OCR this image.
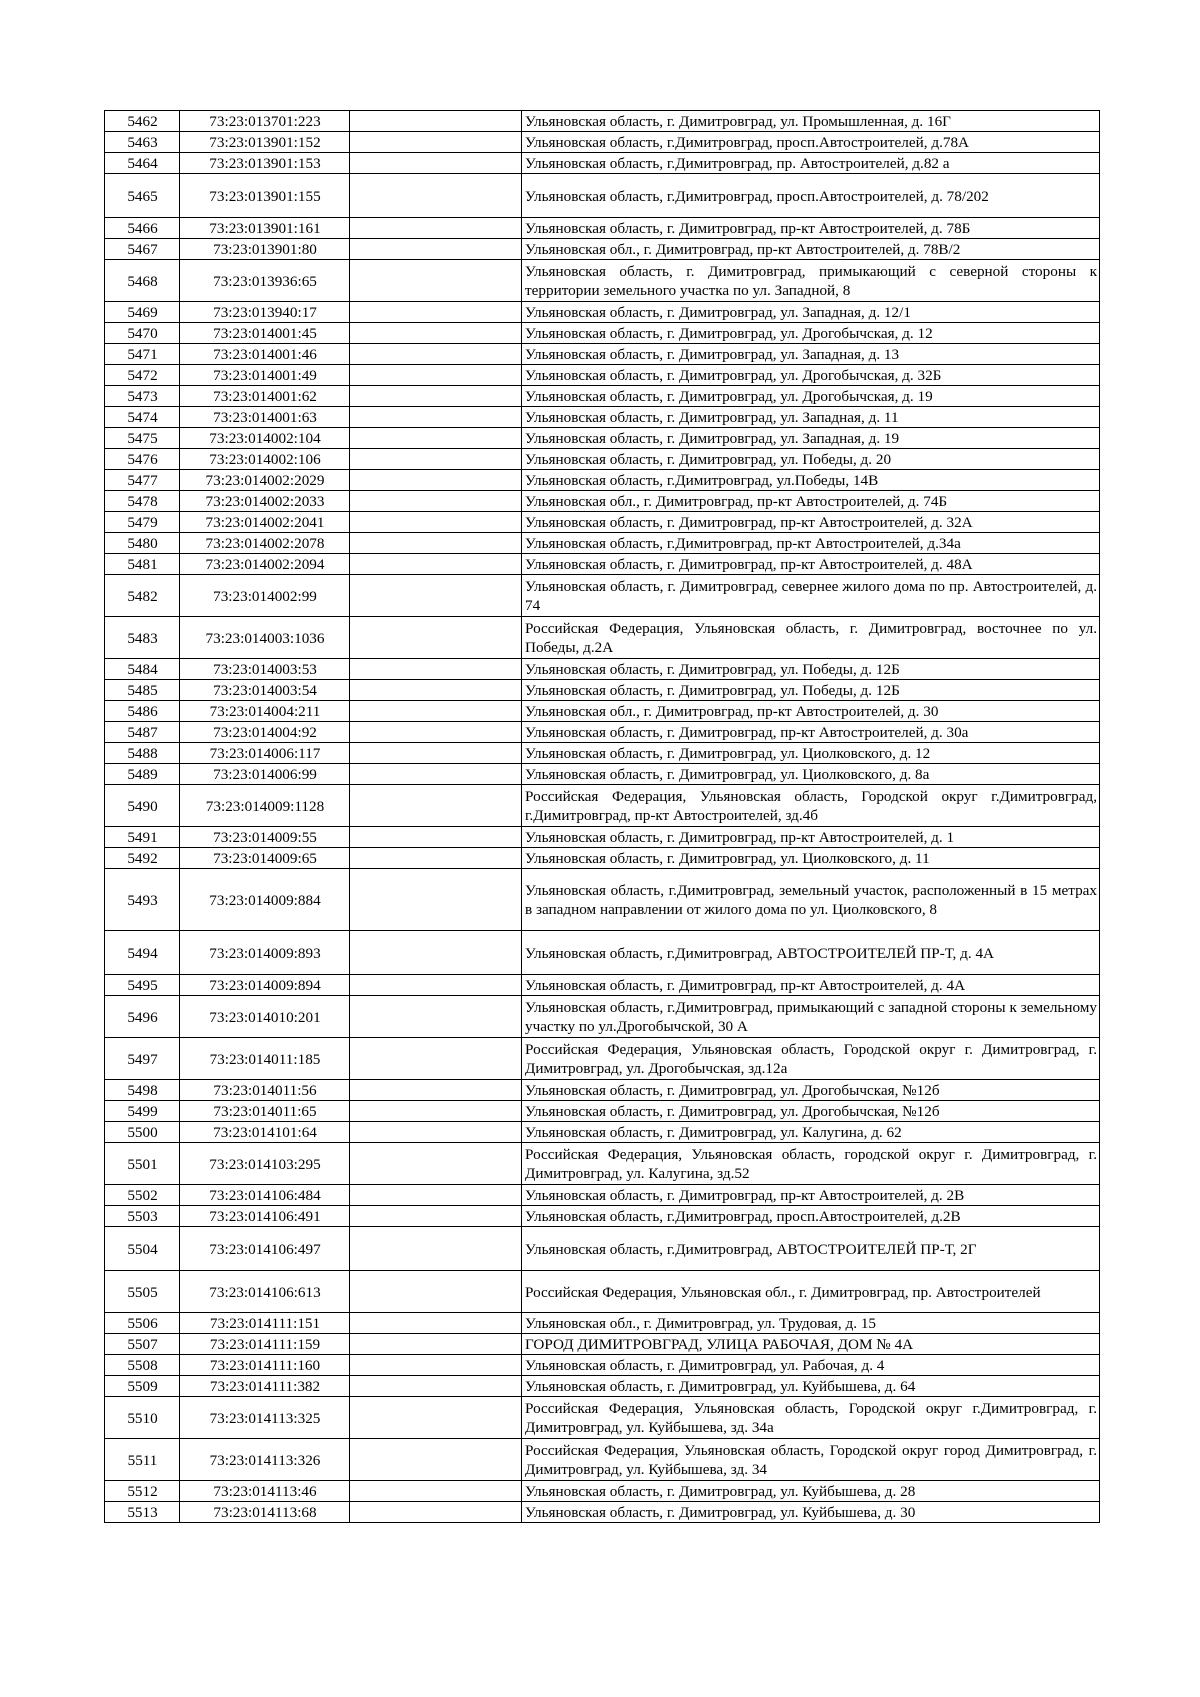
5462	73:23:013701:223		Ульяновская область, г. Димитровград, ул. Промышленная, д. 16Г
5463	73:23:013901:152		Ульяновская область, г.Димитровград, просп.Автостроителей, д.78А
5464	73:23:013901:153		Ульяновская область, г.Димитровград, пр. Автостроителей, д.82 а
5465	73:23:013901:155		Ульяновская область, г.Димитровград, просп.Автостроителей, д. 78/202
5466	73:23:013901:161		Ульяновская область, г. Димитровград, пр-кт Автостроителей, д. 78Б
5467	73:23:013901:80		Ульяновская обл., г. Димитровград, пр-кт Автостроителей, д. 78В/2
5468	73:23:013936:65		Ульяновская область, г. Димитровград, примыкающий с северной стороны к территории земельного участка по ул. Западной, 8
5469	73:23:013940:17		Ульяновская область, г. Димитровград, ул. Западная, д. 12/1
5470	73:23:014001:45		Ульяновская область, г. Димитровград, ул. Дрогобычская, д. 12
5471	73:23:014001:46		Ульяновская область, г. Димитровград, ул. Западная, д. 13
5472	73:23:014001:49		Ульяновская область, г. Димитровград, ул. Дрогобычская, д. 32Б
5473	73:23:014001:62		Ульяновская область, г. Димитровград, ул. Дрогобычская, д. 19
5474	73:23:014001:63		Ульяновская область, г. Димитровград, ул. Западная, д. 11
5475	73:23:014002:104		Ульяновская область, г. Димитровград, ул. Западная, д. 19
5476	73:23:014002:106		Ульяновская область, г. Димитровград, ул. Победы, д. 20
5477	73:23:014002:2029		Ульяновская область, г.Димитровград, ул.Победы, 14В
5478	73:23:014002:2033		Ульяновская обл., г. Димитровград, пр-кт Автостроителей, д. 74Б
5479	73:23:014002:2041		Ульяновская область, г. Димитровград, пр-кт Автостроителей, д. 32А
5480	73:23:014002:2078		Ульяновская область, г.Димитровград, пр-кт Автостроителей, д.34а
5481	73:23:014002:2094		Ульяновская область, г. Димитровград, пр-кт Автостроителей, д. 48А
5482	73:23:014002:99		Ульяновская область, г. Димитровград, севернее жилого дома по пр. Автостроителей, д. 74
5483	73:23:014003:1036		Российская Федерация, Ульяновская область, г. Димитровград, восточнее по ул. Победы, д.2А
5484	73:23:014003:53		Ульяновская область, г. Димитровград, ул. Победы, д. 12Б
5485	73:23:014003:54		Ульяновская область, г. Димитровград, ул. Победы, д. 12Б
5486	73:23:014004:211		Ульяновская обл., г. Димитровград, пр-кт Автостроителей, д. 30
5487	73:23:014004:92		Ульяновская область, г. Димитровград, пр-кт Автостроителей, д. 30а
5488	73:23:014006:117		Ульяновская область, г. Димитровград, ул. Циолковского, д. 12
5489	73:23:014006:99		Ульяновская область, г. Димитровград, ул. Циолковского, д. 8а
5490	73:23:014009:1128		Российская Федерация, Ульяновская область, Городской округ г.Димитровград, г.Димитровград, пр-кт Автостроителей, зд.4б
5491	73:23:014009:55		Ульяновская область, г. Димитровград, пр-кт Автостроителей, д. 1
5492	73:23:014009:65		Ульяновская область, г. Димитровград, ул. Циолковского, д. 11
5493	73:23:014009:884		Ульяновская область, г.Димитровград, земельный участок, расположенный в 15 метрах в западном направлении от жилого дома по ул. Циолковского, 8
5494	73:23:014009:893		Ульяновская область, г.Димитровград, АВТОСТРОИТЕЛЕЙ ПР-Т, д. 4А
5495	73:23:014009:894		Ульяновская область, г. Димитровград, пр-кт Автостроителей, д. 4А
5496	73:23:014010:201		Ульяновская область, г.Димитровград, примыкающий с западной стороны к земельному участку по ул.Дрогобычской, 30 А
5497	73:23:014011:185		Российская Федерация, Ульяновская область, Городской округ г. Димитровград, г. Димитровград, ул. Дрогобычская, зд.12а
5498	73:23:014011:56		Ульяновская область, г. Димитровград, ул. Дрогобычская, №12б
5499	73:23:014011:65		Ульяновская область, г. Димитровград, ул. Дрогобычская, №12б
5500	73:23:014101:64		Ульяновская область, г. Димитровград, ул. Калугина, д. 62
5501	73:23:014103:295		Российская Федерация, Ульяновская область, городской округ г. Димитровград, г. Димитровград, ул. Калугина, зд.52
5502	73:23:014106:484		Ульяновская область, г. Димитровград, пр-кт Автостроителей, д. 2В
5503	73:23:014106:491		Ульяновская область, г.Димитровград, просп.Автостроителей, д.2В
5504	73:23:014106:497		Ульяновская область, г.Димитровград, АВТОСТРОИТЕЛЕЙ ПР-Т, 2Г
5505	73:23:014106:613		Российская Федерация, Ульяновская обл., г. Димитровград, пр. Автостроителей
5506	73:23:014111:151		Ульяновская обл., г. Димитровград, ул. Трудовая, д. 15
5507	73:23:014111:159		ГОРОД ДИМИТРОВГРАД, УЛИЦА РАБОЧАЯ, ДОМ № 4А
5508	73:23:014111:160		Ульяновская область, г. Димитровград, ул. Рабочая, д. 4
5509	73:23:014111:382		Ульяновская область, г. Димитровград, ул. Куйбышева, д. 64
5510	73:23:014113:325		Российская Федерация, Ульяновская область, Городской округ г.Димитровград, г. Димитровград, ул. Куйбышева, зд. 34а
5511	73:23:014113:326		Российская Федерация, Ульяновская область, Городской округ город Димитровград, г. Димитровград, ул. Куйбышева, зд. 34
5512	73:23:014113:46		Ульяновская область, г. Димитровград, ул. Куйбышева, д. 28
5513	73:23:014113:68		Ульяновская область, г. Димитровград, ул. Куйбышева, д. 30
